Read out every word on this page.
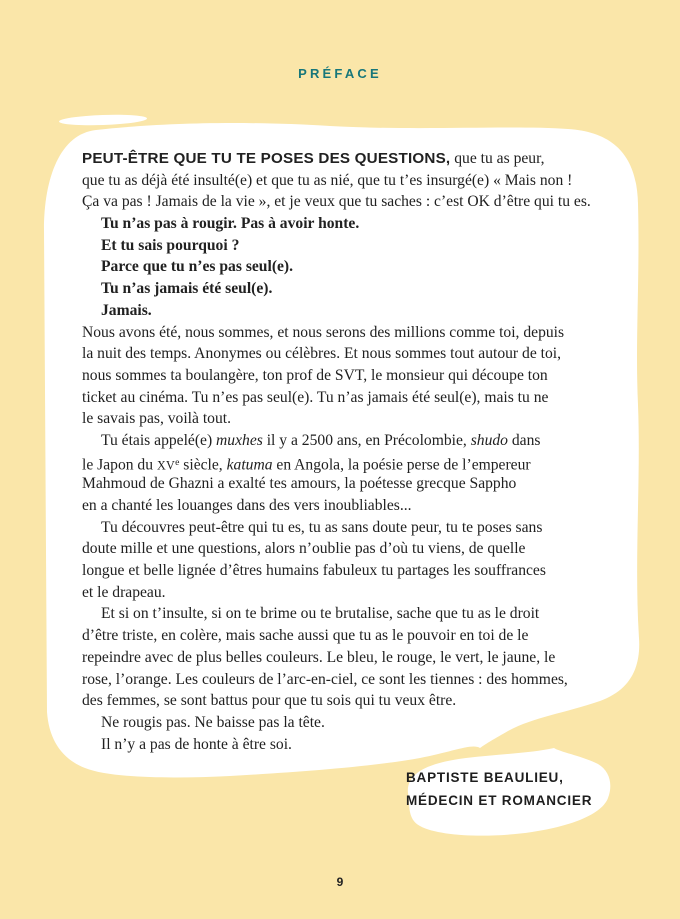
PRÉFACE
PEUT-ÊTRE QUE TU TE POSES DES QUESTIONS, que tu as peur,
que tu as déjà été insulté(e) et que tu as nié, que tu t’es insurgé(e) « Mais non !
Ça va pas ! Jamais de la vie », et je veux que tu saches : c’est OK d’être qui tu es.
Tu n’as pas à rougir. Pas à avoir honte.
Et tu sais pourquoi ?
Parce que tu n’es pas seul(e).
Tu n’as jamais été seul(e).
Jamais.
Nous avons été, nous sommes, et nous serons des millions comme toi, depuis
la nuit des temps. Anonymes ou célèbres. Et nous sommes tout autour de toi,
nous sommes ta boulangère, ton prof de SVT, le monsieur qui découpe ton
ticket au cinéma. Tu n’es pas seul(e). Tu n’as jamais été seul(e), mais tu ne
le savais pas, voilà tout.
Tu étais appelé(e) muxhes il y a 2500 ans, en Précolombie, shudo dans
le Japon du XVe siècle, katuma en Angola, la poésie perse de l’empereur
Mahmoud de Ghazni a exalté tes amours, la poétesse grecque Sappho
en a chanté les louanges dans des vers inoubliables...
Tu découvres peut-être qui tu es, tu as sans doute peur, tu te poses sans
doute mille et une questions, alors n’oublie pas d’où tu viens, de quelle
longue et belle lignée d’êtres humains fabuleux tu partages les souffrances
et le drapeau.
Et si on t’insulte, si on te brime ou te brutalise, sache que tu as le droit
d’être triste, en colère, mais sache aussi que tu as le pouvoir en toi de le
repeindre avec de plus belles couleurs. Le bleu, le rouge, le vert, le jaune, le
rose, l’orange. Les couleurs de l’arc-en-ciel, ce sont les tiennes : des hommes,
des femmes, se sont battus pour que tu sois qui tu veux être.
Ne rougis pas. Ne baisse pas la tête.
Il n’y a pas de honte à être soi.
BAPTISTE BEAULIEU,
MÉDECIN ET ROMANCIER
9
